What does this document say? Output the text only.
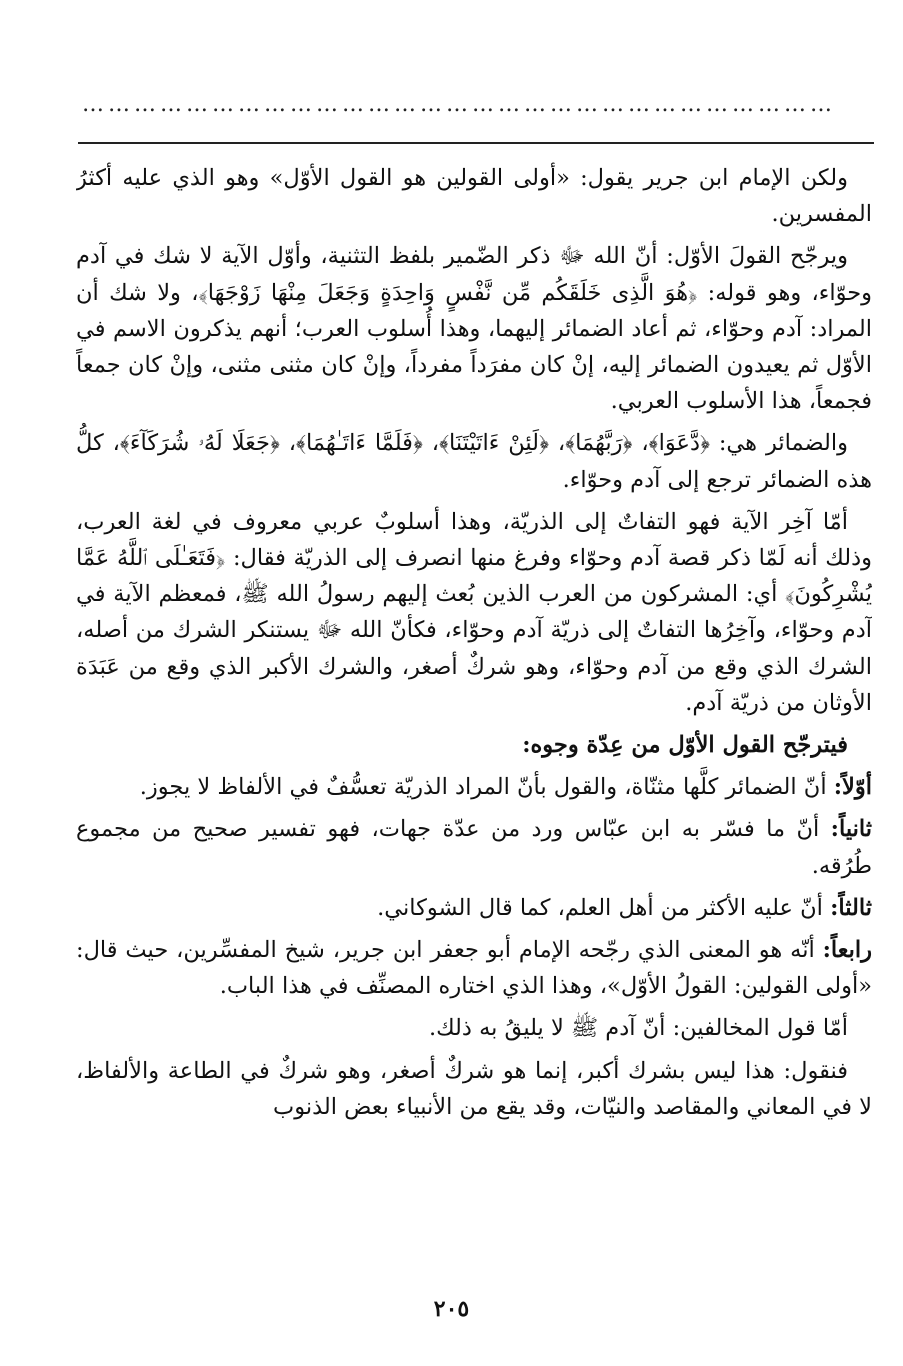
……………………………………………………………………………

ولكن الإمام ابن جرير يقول: «أولى القولين هو القول الأوّل» وهو الذي عليه أكثرُ المفسرين.

ويرجّح القولَ الأوّل: أنّ الله ﷻ ذكر الضّمير بلفظ التثنية، وأوّل الآية لا شك في آدم وحوّاء، وهو قوله: ﴿هُوَ الَّذِى خَلَقَكُم مِّن نَّفْسٍ وَاحِدَةٍ وَجَعَلَ مِنْهَا زَوْجَهَا﴾، ولا شك أن المراد: آدم وحوّاء، ثم أعاد الضمائر إليهما، وهذا أُسلوب العرب؛ أنهم يذكرون الاسم في الأوّل ثم يعيدون الضمائر إليه، إنْ كان مفرَداً مفرداً، وإنْ كان مثنى مثنى، وإنْ كان جمعاً فجمعاً، هذا الأسلوب العربي.

والضمائر هي: ﴿دَّعَوَا﴾، ﴿رَبَّهُمَا﴾، ﴿لَئِنْ ءَاتَيْتَنَا﴾، ﴿فَلَمَّا ءَاتَـٰهُمَا﴾، ﴿جَعَلَا لَهُۥ شُرَكَآءَ﴾، كلُّ هذه الضمائر ترجع إلى آدم وحوّاء.

أمّا آخِر الآية فهو التفاتٌ إلى الذريّة، وهذا أسلوبٌ عربي معروف في لغة العرب، وذلك أنه لَمّا ذكر قصة آدم وحوّاء وفرغ منها انصرف إلى الذريّة فقال: ﴿فَتَعَـٰلَى ٱللَّهُ عَمَّا يُشْرِكُونَ﴾ أي: المشركون من العرب الذين بُعث إليهم رسولُ الله ﷺ، فمعظم الآية في آدم وحوّاء، وآخِرُها التفاتٌ إلى ذريّة آدم وحوّاء، فكأنّ الله ﷻ يستنكر الشرك من أصله، الشرك الذي وقع من آدم وحوّاء، وهو شركٌ أصغر، والشرك الأكبر الذي وقع من عَبَدَة الأوثان من ذريّة آدم.

فيترجّح القول الأوّل من عِدّة وجوه:

أوّلاً: أنّ الضمائر كلَّها مثنّاة، والقول بأنّ المراد الذريّة تعسُّفٌ في الألفاظ لا يجوز.

ثانياً: أنّ ما فسّر به ابن عبّاس ورد من عدّة جهات، فهو تفسير صحيح من مجموع طُرُقه.

ثالثاً: أنّ عليه الأكثر من أهل العلم، كما قال الشوكاني.

رابعاً: أنّه هو المعنى الذي رجّحه الإمام أبو جعفر ابن جرير، شيخ المفسِّرين، حيث قال: «أولى القولين: القولُ الأوّل»، وهذا الذي اختاره المصنِّف في هذا الباب.

أمّا قول المخالفين: أنّ آدم ﷺ لا يليقُ به ذلك.

فنقول: هذا ليس بشرك أكبر، إنما هو شركٌ أصغر، وهو شركٌ في الطاعة والألفاظ، لا في المعاني والمقاصد والنيّات، وقد يقع من الأنبياء بعض الذنوب

٢٠٥
